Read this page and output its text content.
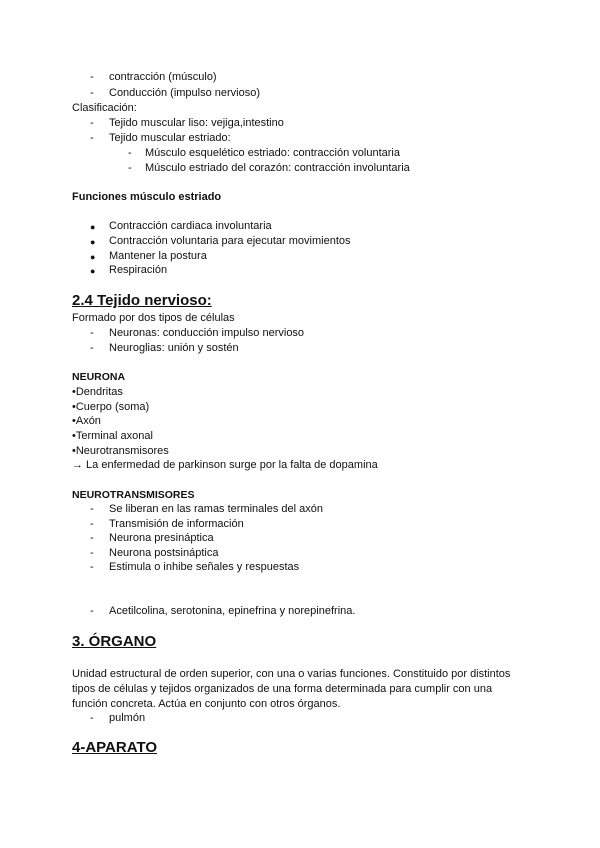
- contracción (músculo)
- Conducción (impulso nervioso)
Clasificación:
- Tejido muscular liso: vejiga,intestino
- Tejido muscular estriado:
- Músculo esquelético estriado: contracción voluntaria
- Músculo estriado del corazón: contracción involuntaria
Funciones músculo estriado
● Contracción cardiaca involuntaria
● Contracción voluntaria para ejecutar movimientos
● Mantener la postura
● Respiración
2.4 Tejido nervioso:
Formado por dos tipos de células
- Neuronas: conducción impulso nervioso
- Neuroglias: unión y sostén
NEURONA
•Dendritas
•Cuerpo (soma)
•Axón
•Terminal axonal
•Neurotransmisores
→ La enfermedad de parkinson surge por la falta de dopamina
NEUROTRANSMISORES
- Se liberan en las ramas terminales del axón
- Transmisión de información
- Neurona presináptica
- Neurona postsináptica
- Estimula o inhibe señales y respuestas
- Acetilcolina, serotonina, epinefrina y norepinefrina.
3. ÓRGANO
Unidad estructural de orden superior, con una o varias funciones. Constituido por distintos
tipos de células y tejidos organizados de una forma determinada para cumplir con una
función concreta. Actúa en conjunto con otros órganos.
- pulmón
4-APARATO
